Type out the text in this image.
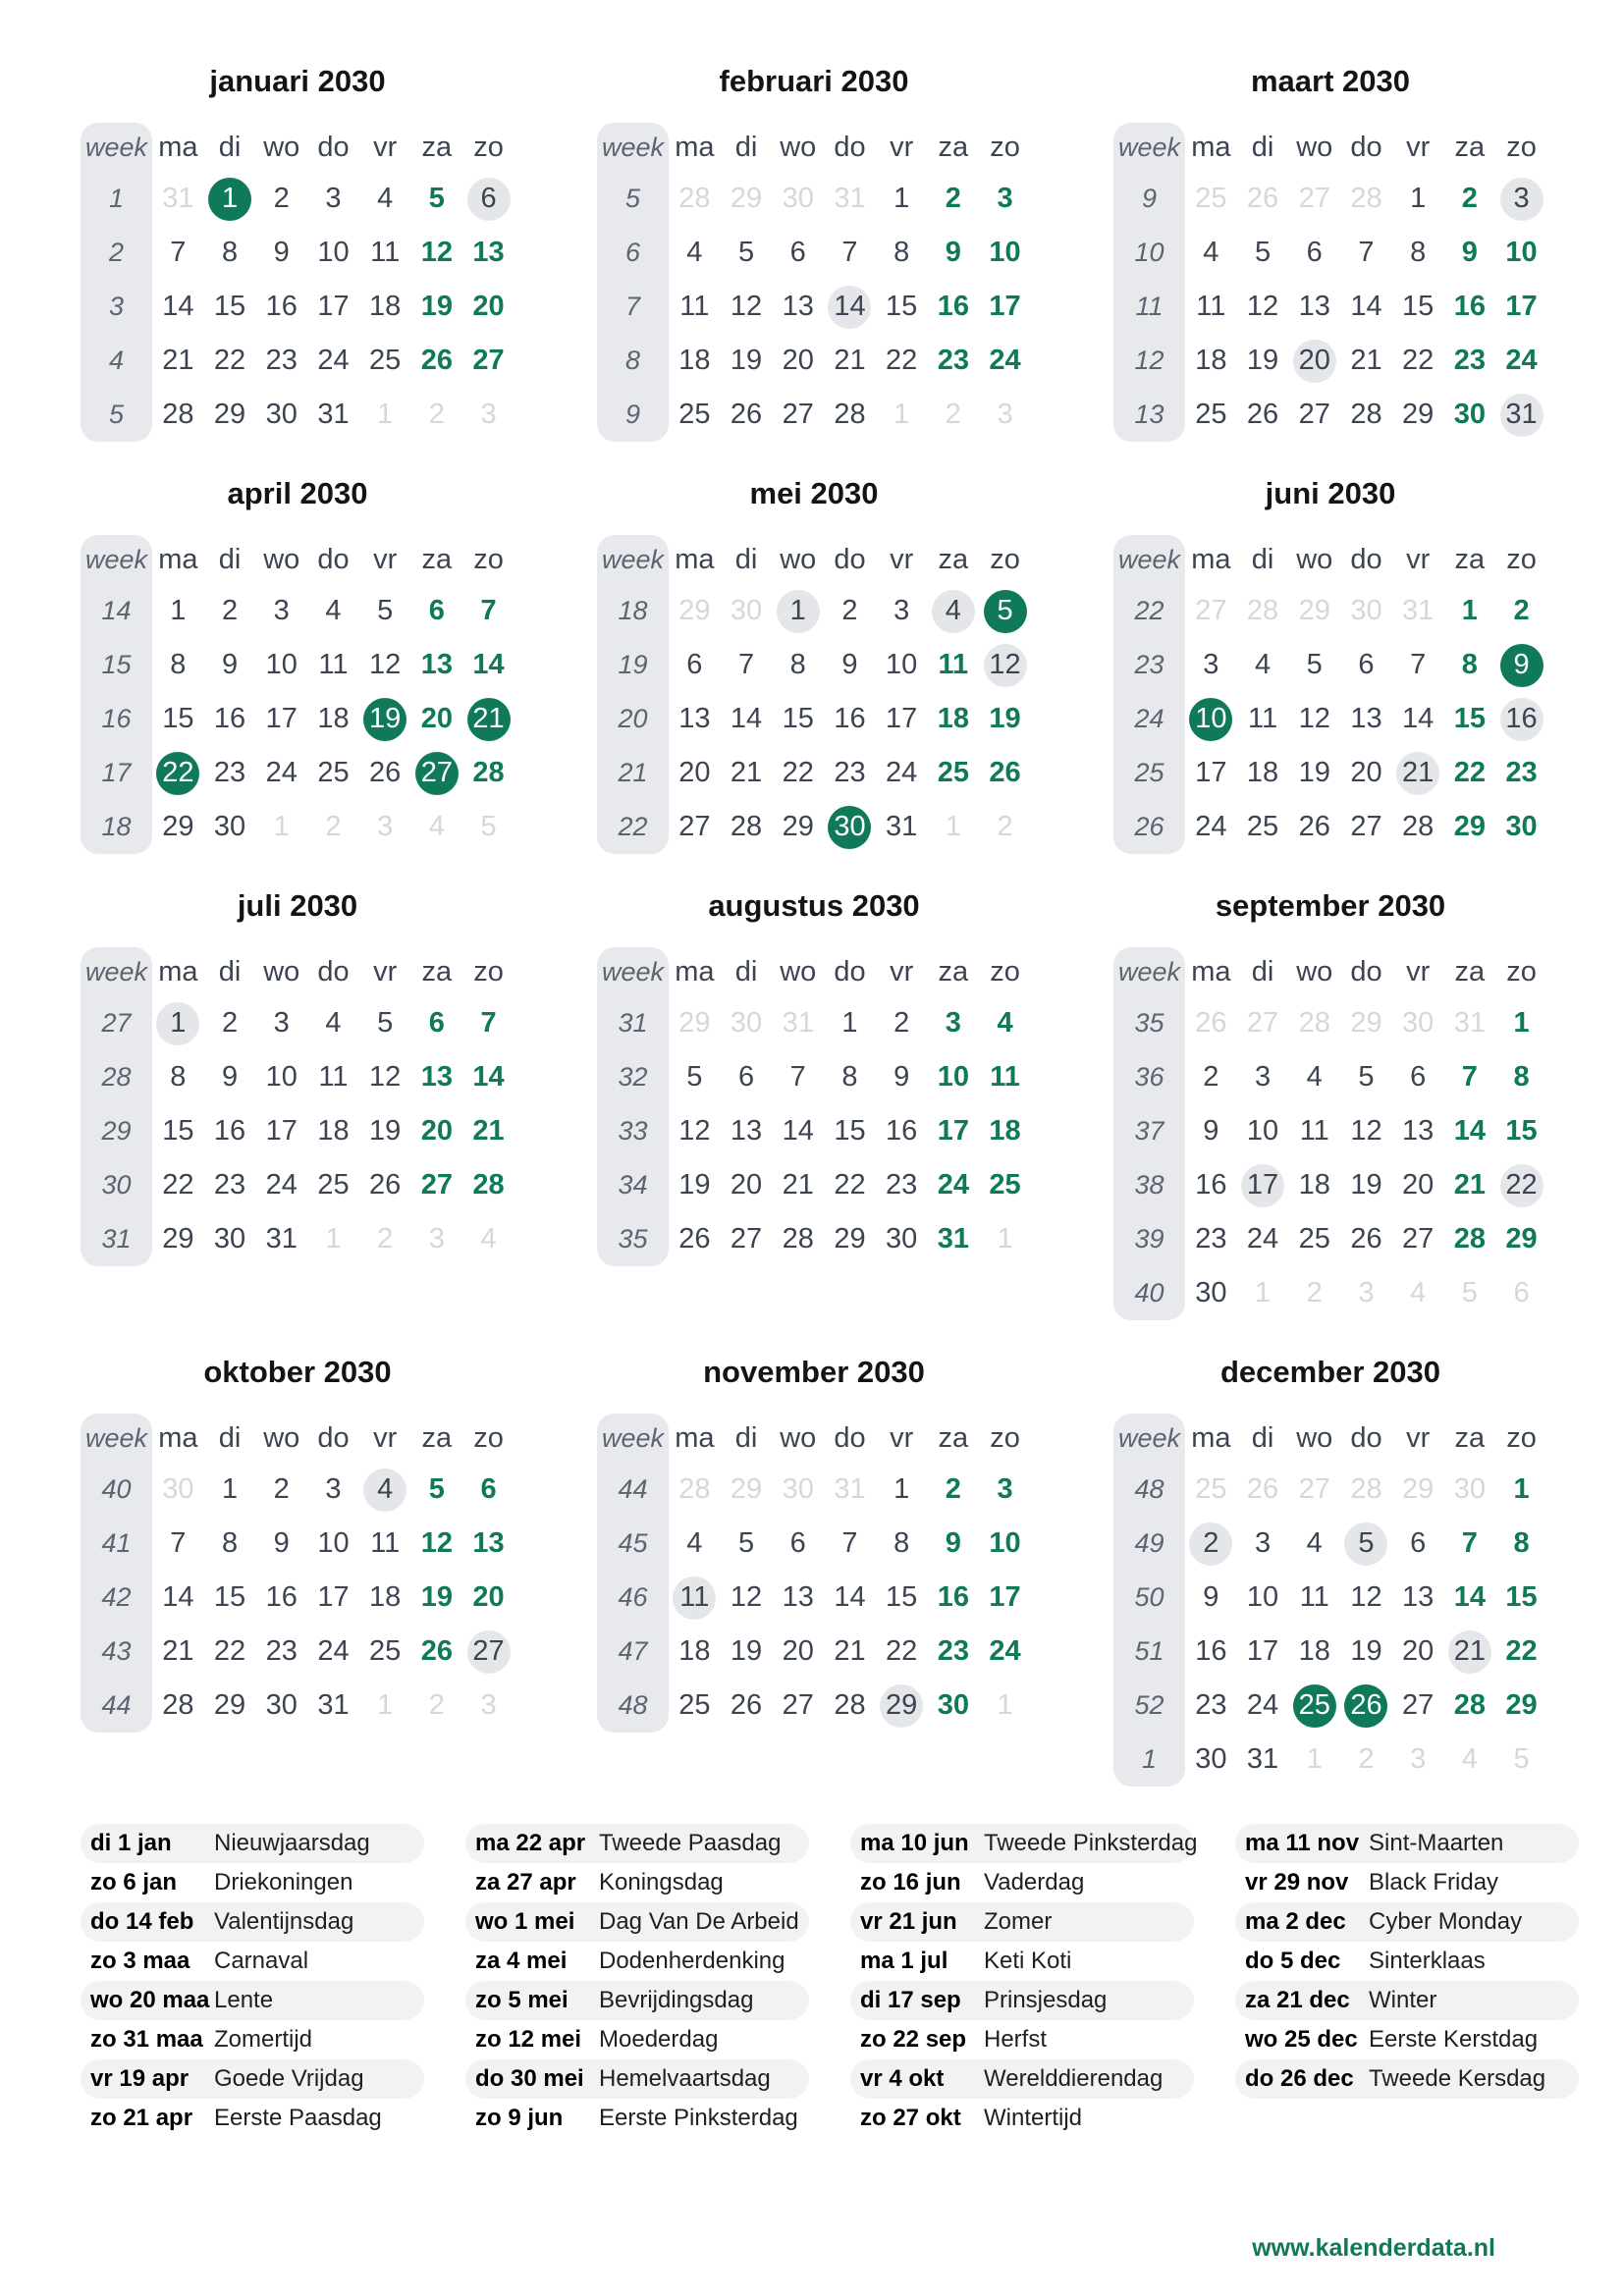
januari 2030
week ma di wo do vr za zo
1	31 1	2	3	4	5	6
2	7	8	9 10 11 12 13
3	14 15 16 17 18 19 20
4	21 22 23 24 25 26 27
5	28 29 30 31 1	2	3
februari 2030
week ma di wo do vr za zo
5	28 29 30 31 1	2	3
6	4	5	6	7	8	9 10
7	11 12 13 14 15 16 17
8	18 19 20 21 22 23 24
9	25 26 27 28 1	2	3
maart 2030
week ma di wo do vr za zo
9	25 26 27 28 1	2	3
10	4	5	6	7	8	9 10
11	11 12 13 14 15 16 17
12	18 19 20 21 22 23 24
13	25 26 27 28 29 30 31
april 2030
week ma di wo do vr za zo
14	1	2	3	4	5	6	7
15	8	9 10 11 12 13 14
16	15 16 17 18 19 20 21
17	22 23 24 25 26 27 28
18	29 30 1	2	3	4	5
mei 2030
week ma di wo do vr za zo
18	29 30 1	2	3	4	5
19	6	7	8	9 10 11 12
20	13 14 15 16 17 18 19
21	20 21 22 23 24 25 26
22	27 28 29 30 31 1	2
juni 2030
week ma di wo do vr za zo
22	27 28 29 30 31 1	2
23	3	4	5	6	7	8	9
24	10 11 12 13 14 15 16
25	17 18 19 20 21 22 23
26	24 25 26 27 28 29 30
juli 2030
week ma di wo do vr za zo
27	1	2	3	4	5	6	7
28	8	9 10 11 12 13 14
29	15 16 17 18 19 20 21
30	22 23 24 25 26 27 28
31	29 30 31 1	2	3	4
augustus 2030
week ma di wo do vr za zo
31	29 30 31 1	2	3	4
32	5	6	7	8	9 10 11
33	12 13 14 15 16 17 18
34	19 20 21 22 23 24 25
35	26 27 28 29 30 31 1
september 2030
week ma di wo do vr za zo
35	26 27 28 29 30 31 1
36	2	3	4	5	6	7	8
37	9 10 11 12 13 14 15
38	16 17 18 19 20 21 22
39	23 24 25 26 27 28 29
40	30 1	2	3	4	5	6
oktober 2030
week ma di wo do vr za zo
40	30 1	2	3	4	5	6
41	7	8	9 10 11 12 13
42	14 15 16 17 18 19 20
43	21 22 23 24 25 26 27
44	28 29 30 31 1	2	3
november 2030
week ma di wo do vr za zo
44	28 29 30 31 1	2	3
45	4	5	6	7	8	9 10
46	11 12 13 14 15 16 17
47	18 19 20 21 22 23 24
48	25 26 27 28 29 30 1
december 2030
week ma di wo do vr za zo
48	25 26 27 28 29 30 1
49	2	3	4	5	6	7	8
50	9 10 11 12 13 14 15
51	16 17 18 19 20 21 22
52	23 24 25 26 27 28 29
1	30 31 1	2	3	4	5
di 1 jan	Nieuwjaarsdag
zo 6 jan	Driekoningen
do 14 feb Valentijnsdag
zo 3 maa	Carnaval
wo 20 maa Lente
zo 31 maa Zomertijd
vr 19 apr	Goede Vrijdag
zo 21 apr Eerste Paasdag
ma 22 apr Tweede Paasdag
za 27 apr Koningsdag
wo 1 mei	Dag Van De Arbeid
za 4 mei	Dodenherdenking
zo 5 mei	Bevrijdingsdag
zo 12 mei Moederdag
do 30 mei Hemelvaartsdag
zo 9 jun	Eerste Pinksterdag
ma 10 jun Tweede Pinksterdag
zo 16 jun Vaderdag
vr 21 jun	Zomer
ma 1 jul	Keti Koti
di 17 sep Prinsjesdag
zo 22 sep Herfst
vr 4 okt	Werelddierendag
zo 27 okt Wintertijd
ma 11 nov Sint-Maarten
vr 29 nov Black Friday
ma 2 dec Cyber Monday
do 5 dec	Sinterklaas
za 21 dec Winter
wo 25 dec Eerste Kerstdag
do 26 dec Tweede Kersdag
www.kalenderdata.nl
